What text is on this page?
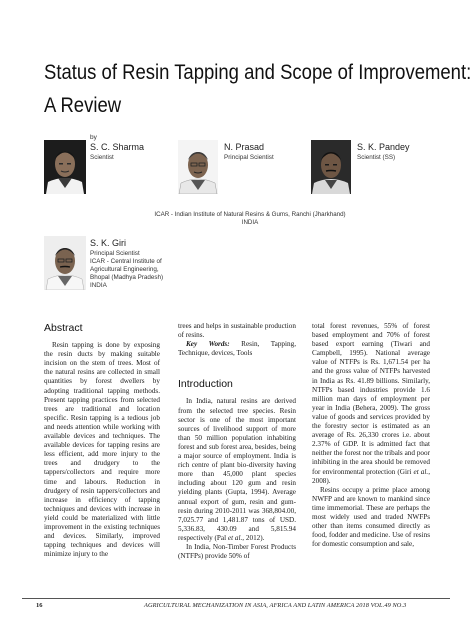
Status of Resin Tapping and Scope of Improvement:
A Review
by
S. C. Sharma
Scientist
N. Prasad
Principal Scientist
S. K. Pandey
Scientist (SS)
ICAR - Indian Institute of Natural Resins & Gums, Ranchi (Jharkhand)
INDIA
S. K. Giri
Principal Scientist
ICAR - Central Institute of
Agricultural Engineering,
Bhopal (Madhya Pradesh)
INDIA
Abstract

Resin tapping is done by exposing the resin ducts by making suitable incision on the stem of trees. Most of the natural resins are collected in small quantities by forest dwellers by adopting traditional tapping methods. Present tapping practices from selected trees are traditional and location specific. Resin tapping is a tedious job and needs attention while working with available devices and techniques. The available devices for tapping resins are less efficient, add more injury to the trees and drudgery to the tappers/collectors and require more time and labours. Reduction in drudgery of resin tappers/collectors and increase in efficiency of tapping techniques and devices with increase in yield could be materialized with little improvement in the existing techniques and devices. Similarly, improved tapping techniques and devices will minimize injury to the

trees and helps in sustainable production of resins.

Key Words: Resin, Tapping, Technique, devices, Tools

Introduction

In India, natural resins are derived from the selected tree species. Resin sector is one of the most important sources of livelihood support of more than 50 million population inhabiting forest and sub forest area, besides, being a major source of employment. India is rich centre of plant bio-diversity having more than 45,000 plant species including about 120 gum and resin yielding plants (Gupta, 1994). Average annual export of gum, resin and gum-resin during 2010-2011 was 368,804.00, 7,025.77 and 1,481.87 tons of USD. 5,336.83, 430.09 and 5,815.94 respectively (Pal et al., 2012).

In India, Non-Timber Forest Products (NTFPs) provide 50% of

total forest revenues, 55% of forest based employment and 70% of forest based export earning (Tiwari and Campbell, 1995). National average value of NTFPs is Rs. 1,671.54 per ha and the gross value of NTFPs harvested in India as Rs. 41.89 billions. Similarly, NTFPs based industries provide 1.6 million man days of employment per year in India (Behera, 2009). The gross value of goods and services provided by the forestry sector is estimated as an average of Rs. 26,330 crores i.e. about 2.37% of GDP. It is admitted fact that neither the forest nor the tribals and poor inhibiting in the area should be removed for environmental protection (Giri et al., 2008).

Resins occupy a prime place among NWFP and are known to mankind since time immemorial. These are perhaps the most widely used and traded NWFPs other than items consumed directly as food, fodder and medicine. Use of resins for domestic consumption and sale,

16	AGRICULTURAL MECHANIZATION IN ASIA, AFRICA AND LATIN AMERICA 2018 VOL.49 NO.3
